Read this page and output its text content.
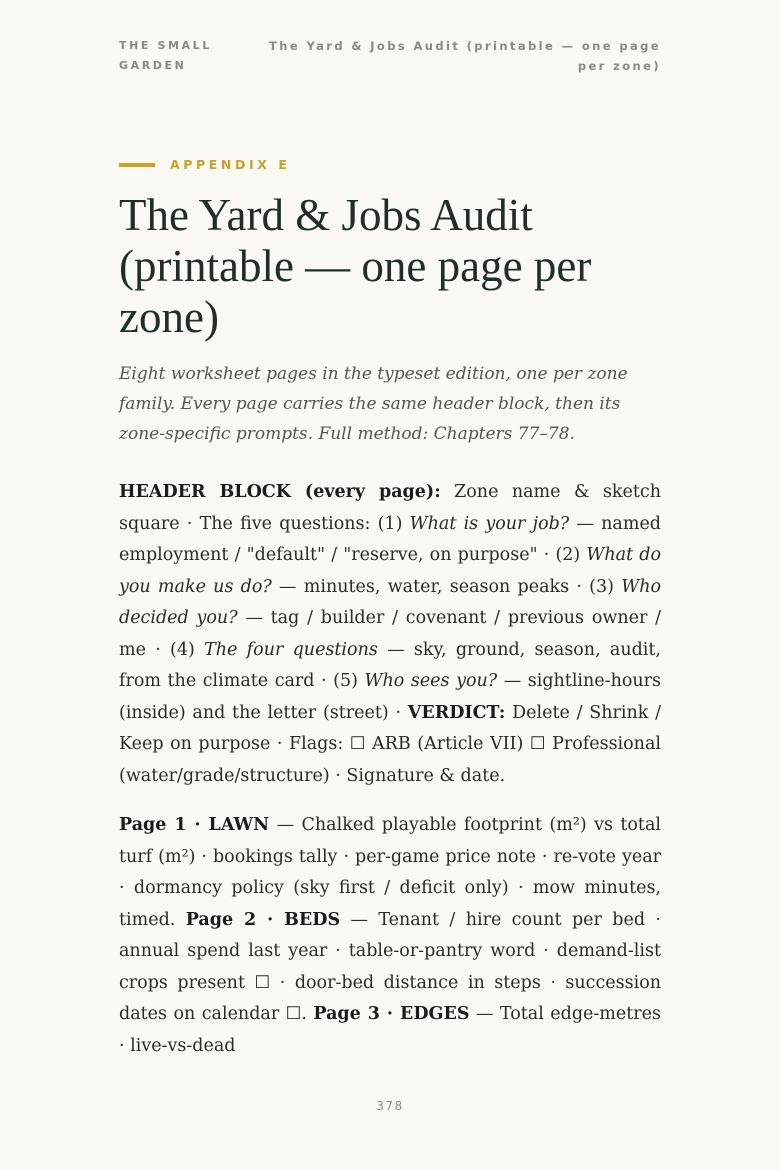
THE SMALL GARDEN
The Yard & Jobs Audit (printable — one page per zone)
APPENDIX E
The Yard & Jobs Audit (printable — one page per zone)

Eight worksheet pages in the typeset edition, one per zone family. Every page carries the same header block, then its zone-specific prompts. Full method: Chapters 77–78.

HEADER BLOCK (every page): Zone name & sketch square · The five questions: (1) What is your job? — named employment / "default" / "reserve, on purpose" · (2) What do you make us do? — minutes, water, season peaks · (3) Who decided you? — tag / builder / covenant / previous owner / me · (4) The four questions — sky, ground, season, audit, from the climate card · (5) Who sees you? — sightline-hours (inside) and the letter (street) · VERDICT: Delete / Shrink / Keep on purpose · Flags: ☐ ARB (Article VII) ☐ Professional (water/grade/structure) · Signature & date.

Page 1 · LAWN — Chalked playable footprint (m²) vs total turf (m²) · bookings tally · per-game price note · re-vote year · dormancy policy (sky first / deficit only) · mow minutes, timed. Page 2 · BEDS — Tenant / hire count per bed · annual spend last year · table-or-pantry word · demand-list crops present ☐ · door-bed distance in steps · succession dates on calendar ☐. Page 3 · EDGES — Total edge-metres · live-vs-dead

378
